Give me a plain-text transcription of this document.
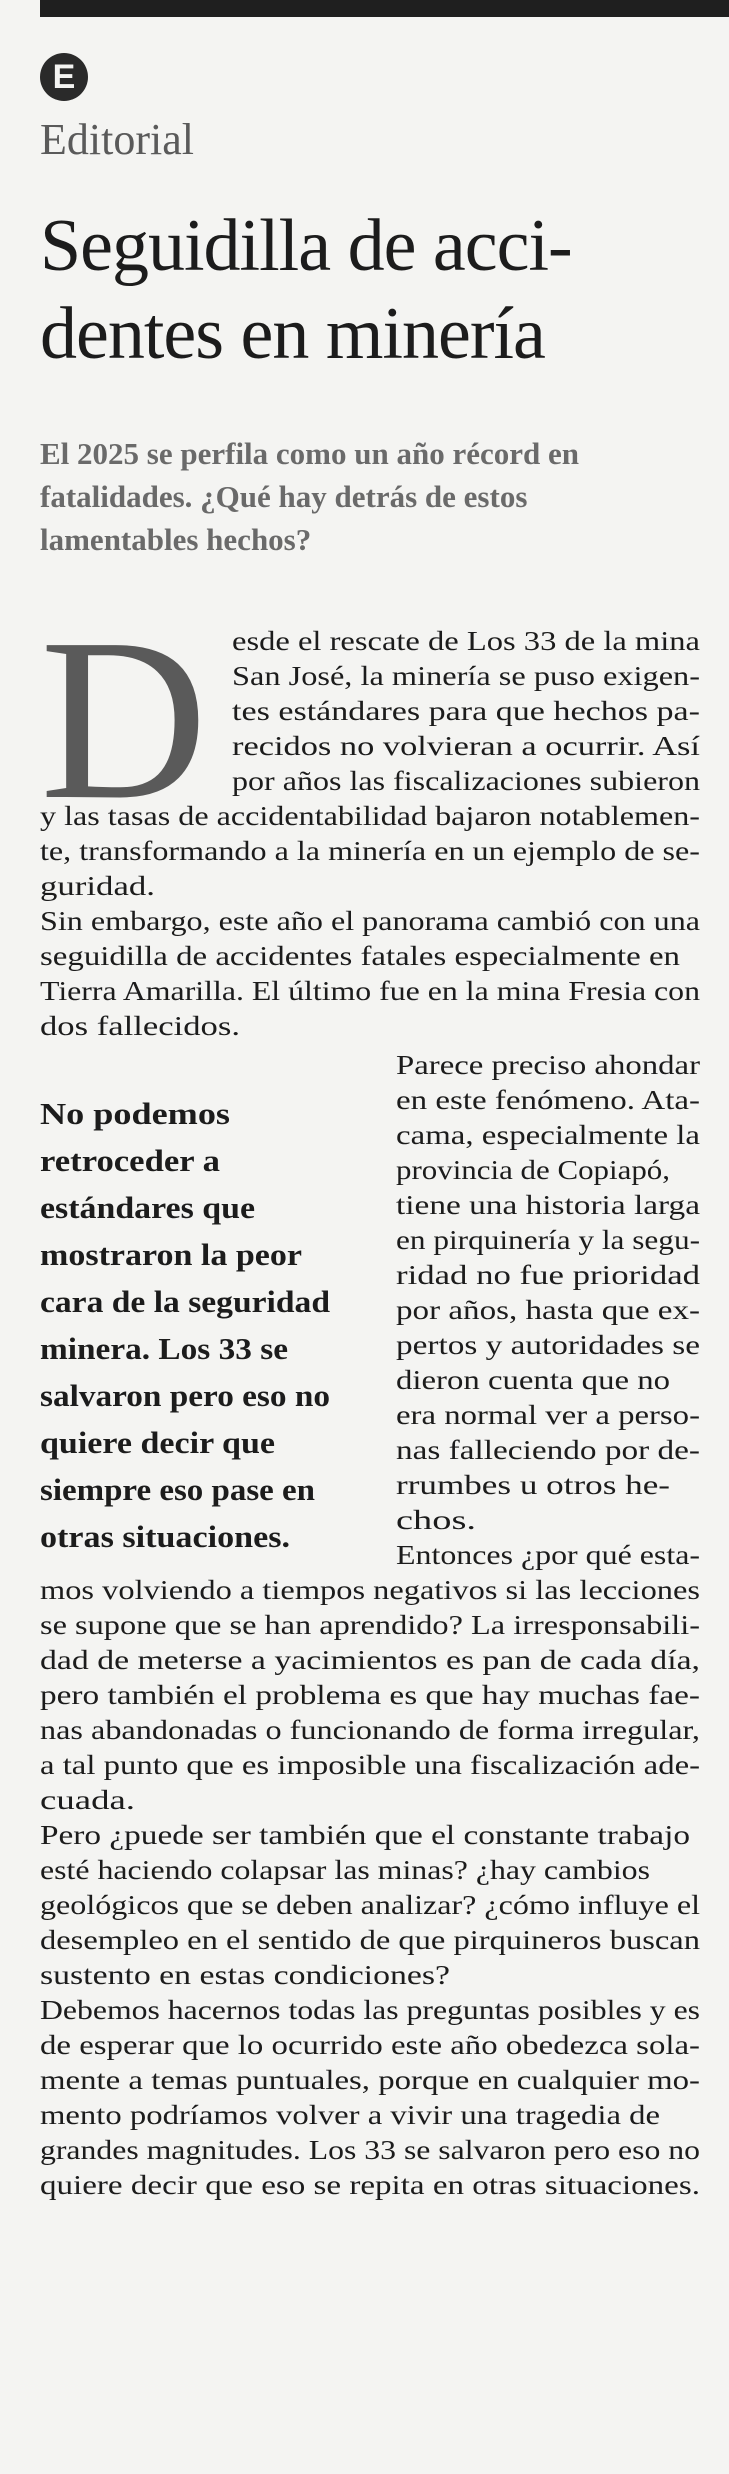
E
Editorial
Seguidilla de acci-
dentes en minería

El 2025 se perfila como un año récord en
fatalidades. ¿Qué hay detrás de estos
lamentables hechos?

D esde el rescate de Los 33 de la mina
San José, la minería se puso exigen-
tes estándares para que hechos pa-
recidos no volvieran a ocurrir. Así
por años las fiscalizaciones subieron
y las tasas de accidentabilidad bajaron notablemen-
te, transformando a la minería en un ejemplo de se-
guridad.
Sin embargo, este año el panorama cambió con una
seguidilla de accidentes fatales especialmente en
Tierra Amarilla. El último fue en la mina Fresia con
dos fallecidos.
Parece preciso ahondar
en este fenómeno. Ata-
cama, especialmente la
provincia de Copiapó,
tiene una historia larga
en pirquinería y la segu-
ridad no fue prioridad
por años, hasta que ex-
pertos y autoridades se
dieron cuenta que no
era normal ver a perso-
nas falleciendo por de-
rrumbes u otros he-
chos.
Entonces ¿por qué esta-
mos volviendo a tiempos negativos si las lecciones
se supone que se han aprendido? La irresponsabili-
dad de meterse a yacimientos es pan de cada día,
pero también el problema es que hay muchas fae-
nas abandonadas o funcionando de forma irregular,
a tal punto que es imposible una fiscalización ade-
cuada.
Pero ¿puede ser también que el constante trabajo
esté haciendo colapsar las minas? ¿hay cambios
geológicos que se deben analizar? ¿cómo influye el
desempleo en el sentido de que pirquineros buscan
sustento en estas condiciones?
Debemos hacernos todas las preguntas posibles y es
de esperar que lo ocurrido este año obedezca sola-
mente a temas puntuales, porque en cualquier mo-
mento podríamos volver a vivir una tragedia de
grandes magnitudes. Los 33 se salvaron pero eso no
quiere decir que eso se repita en otras situaciones.
No podemos
retroceder a
estándares que
mostraron la peor
cara de la seguridad
minera. Los 33 se
salvaron pero eso no
quiere decir que
siempre eso pase en
otras situaciones.
